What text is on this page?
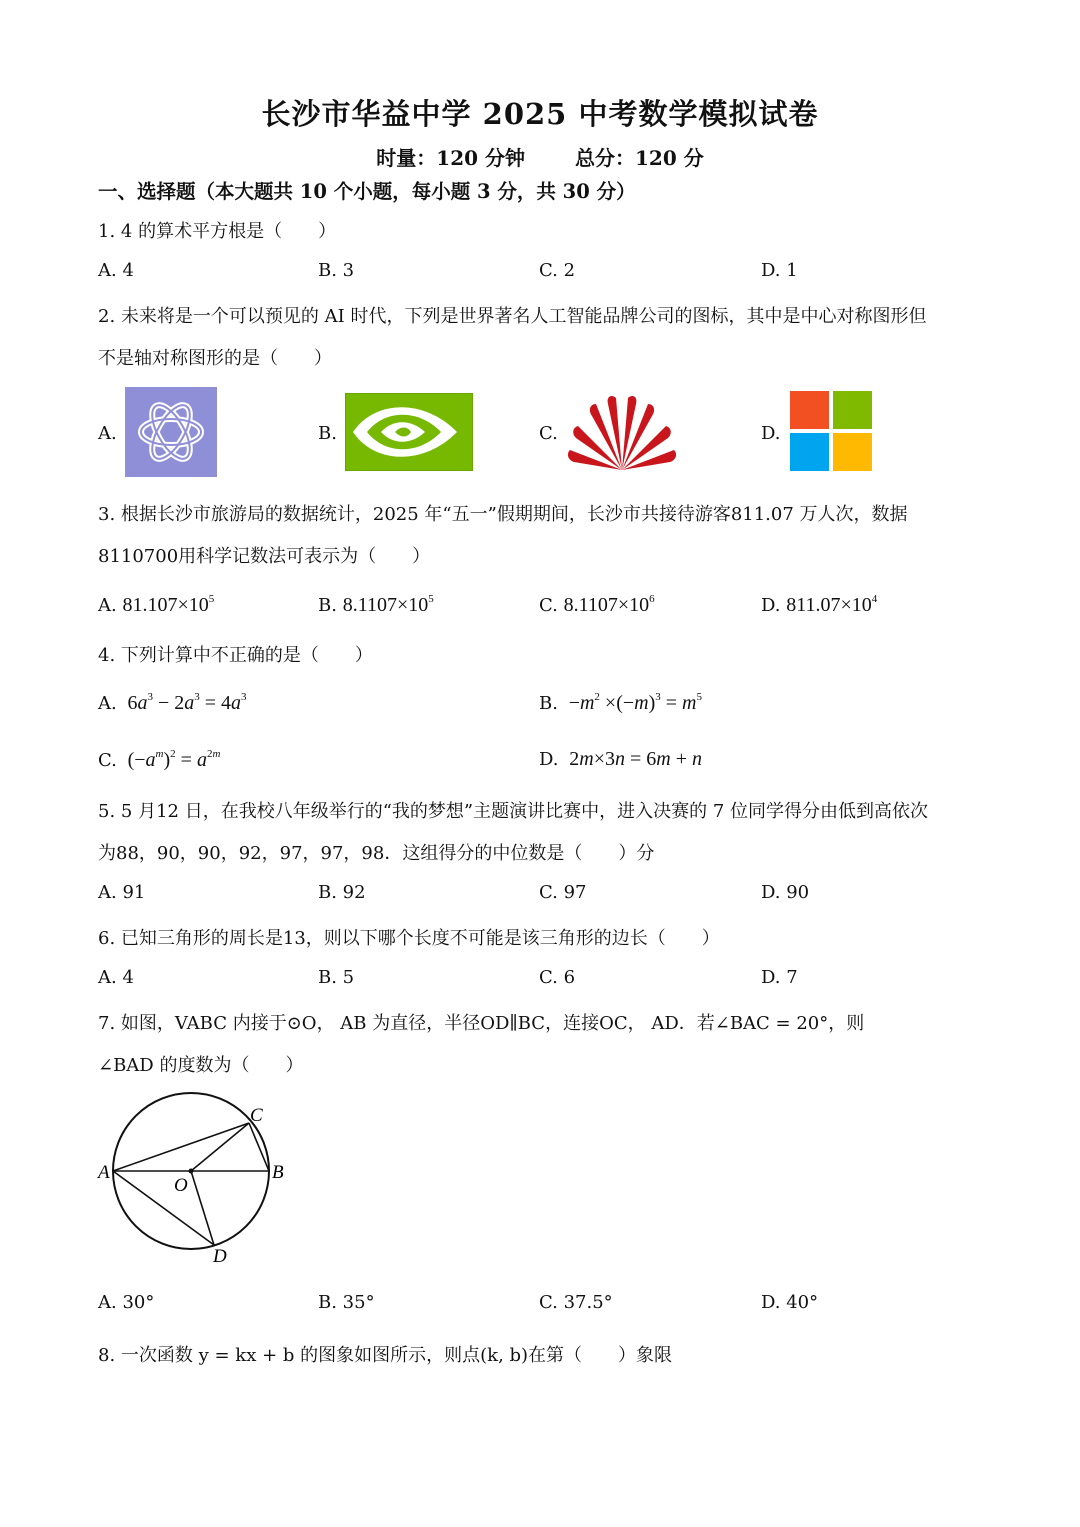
长沙市华益中学 2025 中考数学模拟试卷
时量：120 分钟	总分：120 分
一、选择题（本大题共 10 个小题，每小题 3 分，共 30 分）
1. 4 的算术平方根是（　　）
A. 4	B. 3	C. 2	D. 1
2. 未来将是一个可以预见的 AI 时代，下列是世界著名人工智能品牌公司的图标，其中是中心对称图形但
不是轴对称图形的是（　　）
A.	B.	C.	D.
3. 根据长沙市旅游局的数据统计，2025 年“五一”假期期间，长沙市共接待游客811.07 万人次，数据
8110700用科学记数法可表示为（　　）
A. $81.107\times 10^5$	B. $8.1107\times 10^5$	C. $8.1107\times 10^6$	D. $811.07\times 10^4$
4. 下列计算中不正确的是（　　）
A.  $6a^3 - 2a^3 = 4a^3$	B.  $-m^2 \times(-m)^3 = m^5$
C.  $(-a^m)^2 = a^{2m}$	D.  2m×3n = 6m + n
5. 5 月12 日，在我校八年级举行的“我的梦想”主题演讲比赛中，进入决赛的 7 位同学得分由低到高依次
为88，90，90，92，97，97，98．这组得分的中位数是（　　）分
A. 91	B. 92	C. 97	D. 90
6. 已知三角形的周长是13，则以下哪个长度不可能是该三角形的边长（　　）
A. 4	B. 5	C. 6	D. 7
7. 如图，VABC 内接于⊙O， AB 为直径，半径OD∥BC，连接OC， AD．若∠BAC = 20°，则
∠BAD 的度数为（　　）
A	B
C
D
O
A. 30°	B. 35°	C. 37.5°	D. 40°
8. 一次函数 y = kx + b 的图象如图所示，则点(k, b)在第（　　）象限
